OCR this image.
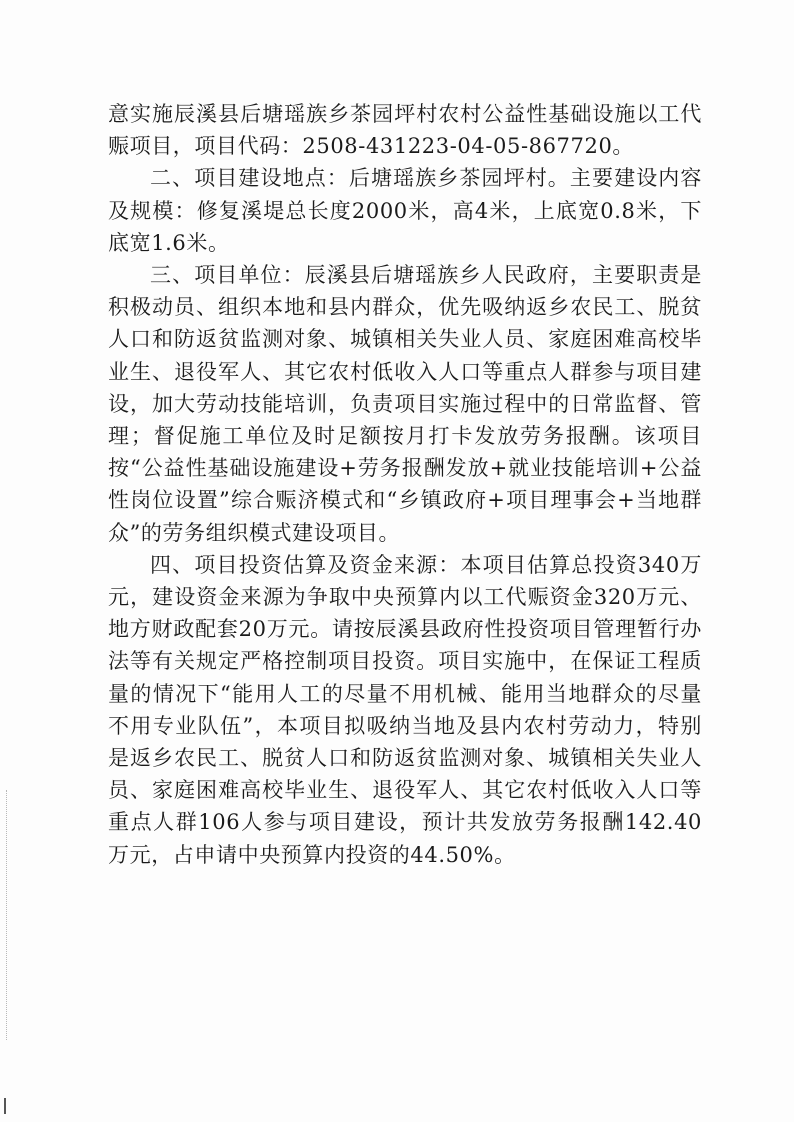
意实施辰溪县后塘瑶族乡茶园坪村农村公益性基础设施以工代赈项目，项目代码：2508-431223-04-05-867720。

二、项目建设地点：后塘瑶族乡茶园坪村。主要建设内容及规模：修复溪堤总长度2000米，高4米，上底宽0.8米，下底宽1.6米。

三、项目单位：辰溪县后塘瑶族乡人民政府，主要职责是积极动员、组织本地和县内群众，优先吸纳返乡农民工、脱贫人口和防返贫监测对象、城镇相关失业人员、家庭困难高校毕业生、退役军人、其它农村低收入人口等重点人群参与项目建设，加大劳动技能培训，负责项目实施过程中的日常监督、管理；督促施工单位及时足额按月打卡发放劳务报酬。该项目按“公益性基础设施建设+劳务报酬发放+就业技能培训+公益性岗位设置”综合赈济模式和“乡镇政府+项目理事会+当地群众”的劳务组织模式建设项目。

四、项目投资估算及资金来源：本项目估算总投资340万元，建设资金来源为争取中央预算内以工代赈资金320万元、地方财政配套20万元。请按辰溪县政府性投资项目管理暂行办法等有关规定严格控制项目投资。项目实施中，在保证工程质量的情况下“能用人工的尽量不用机械、能用当地群众的尽量不用专业队伍”，本项目拟吸纳当地及县内农村劳动力，特别是返乡农民工、脱贫人口和防返贫监测对象、城镇相关失业人员、家庭困难高校毕业生、退役军人、其它农村低收入人口等重点人群106人参与项目建设，预计共发放劳务报酬142.40万元，占申请中央预算内投资的44.50%。
